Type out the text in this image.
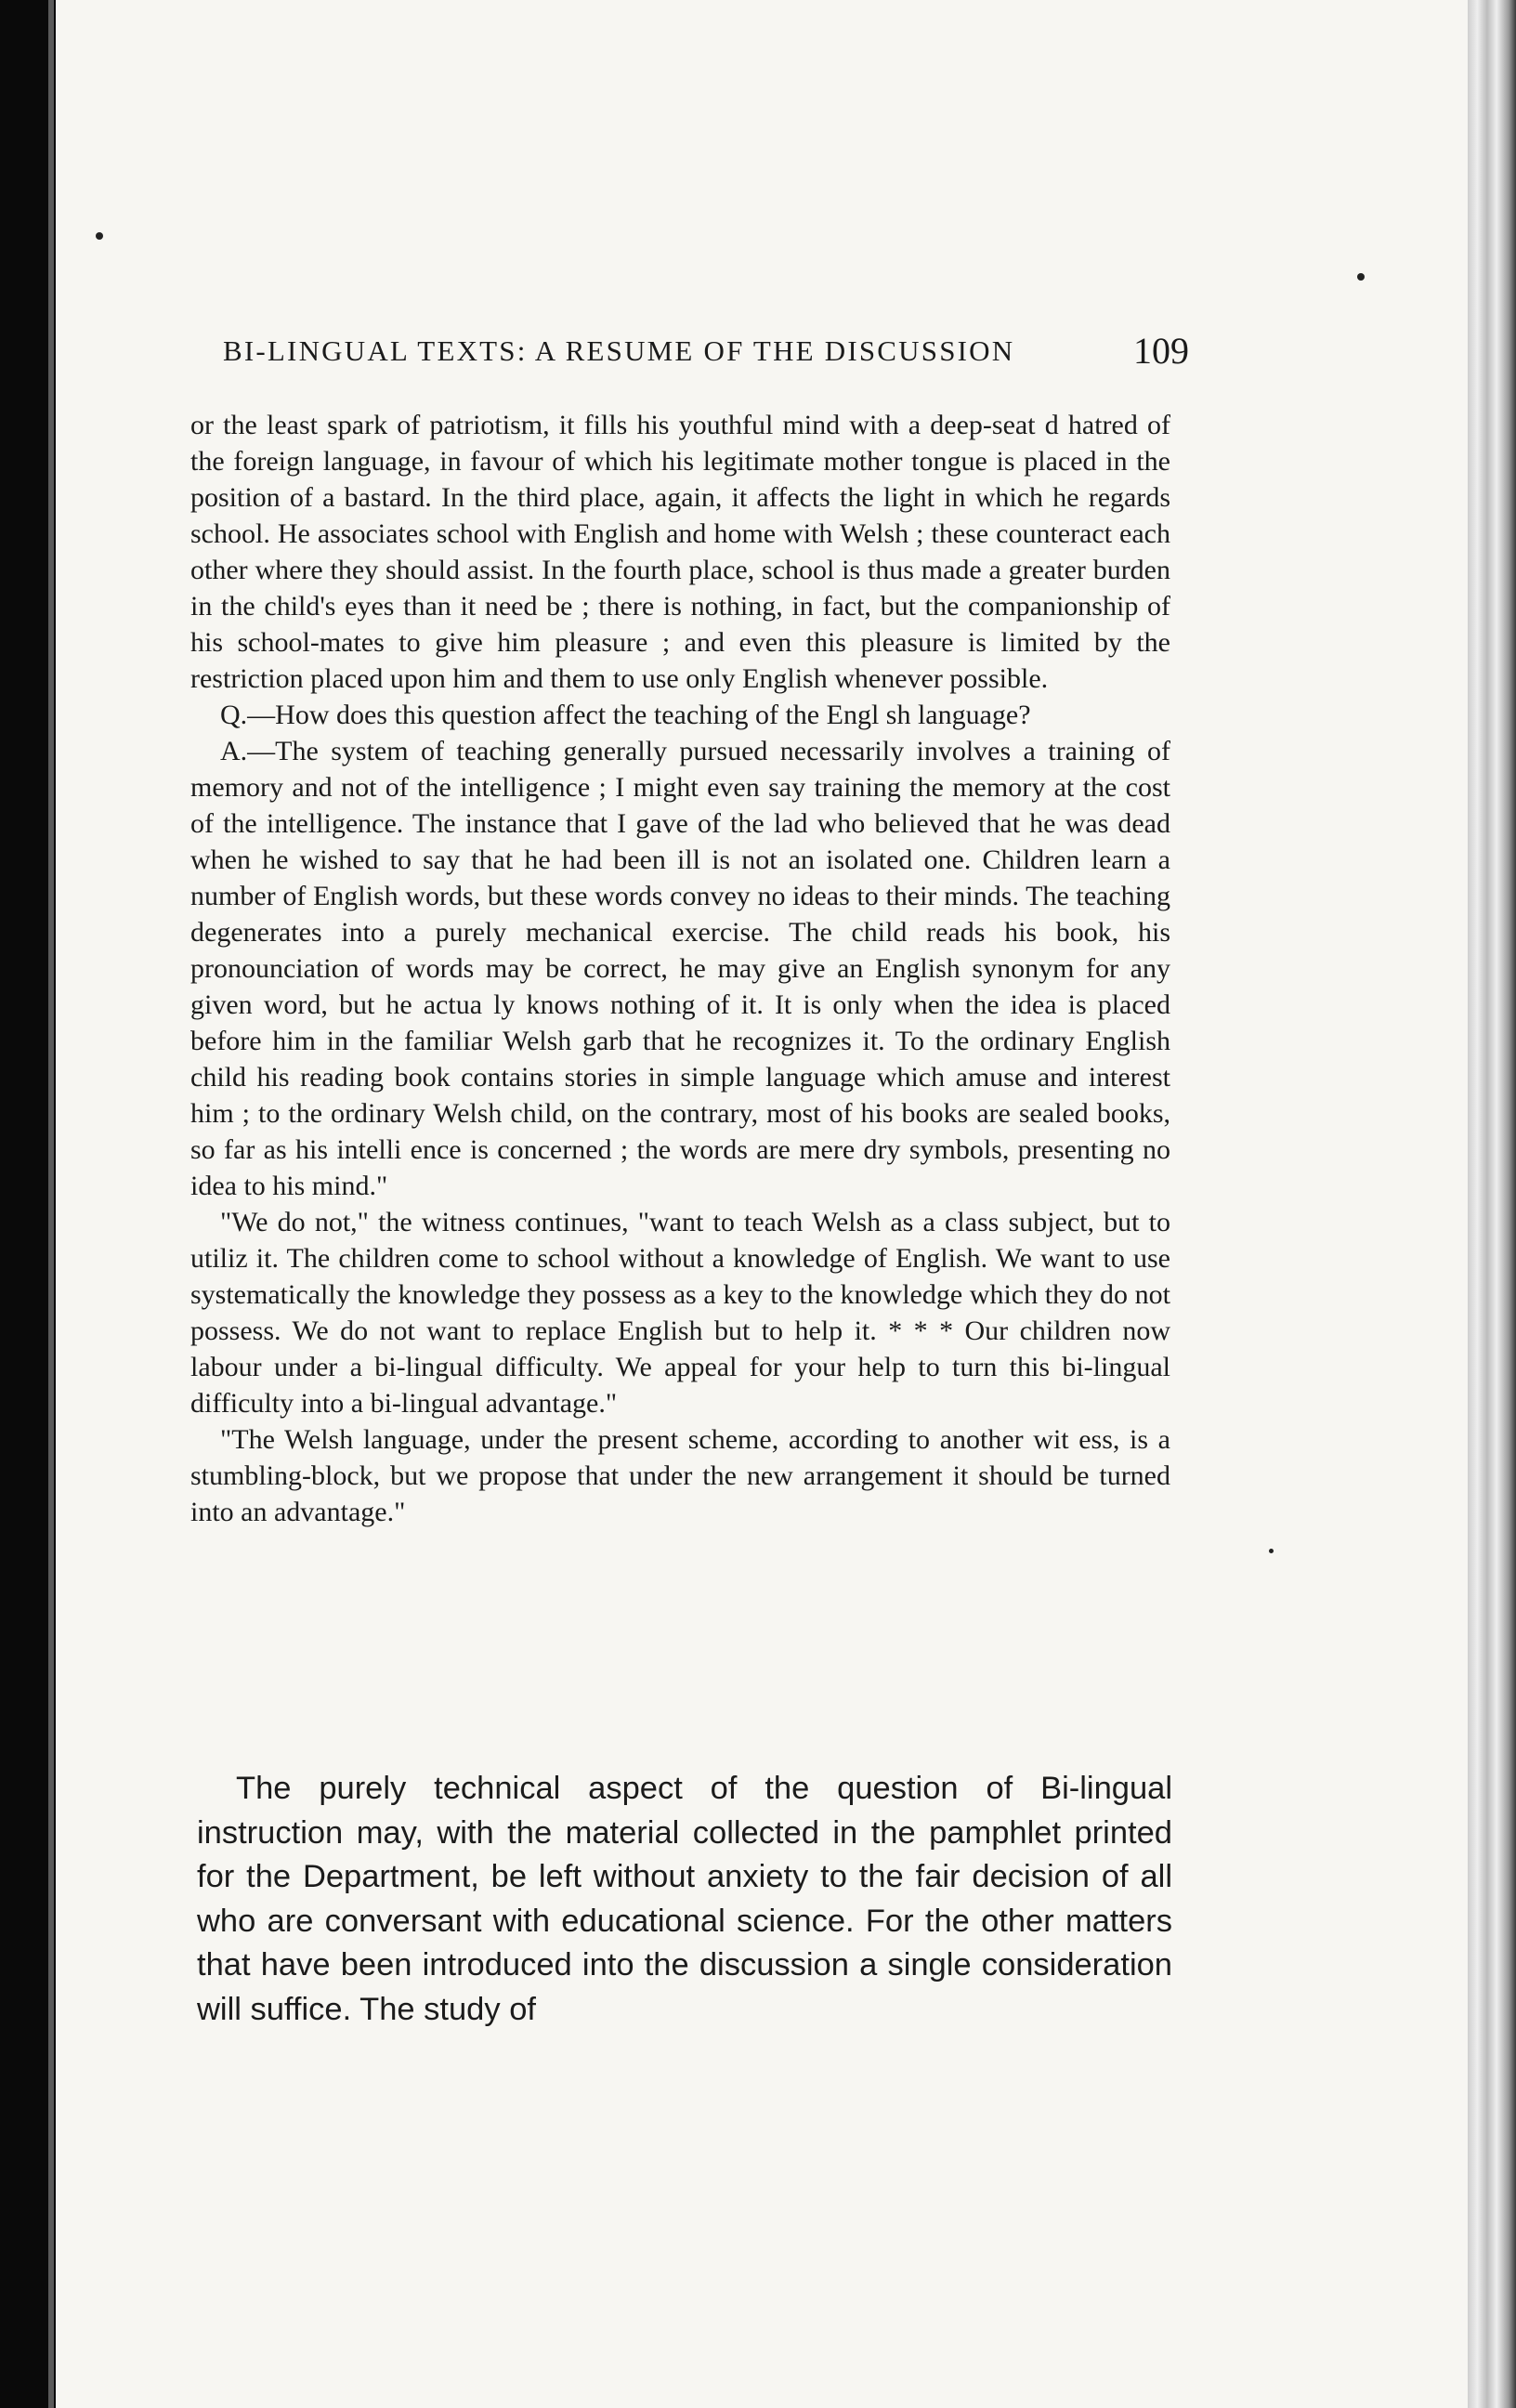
BI-LINGUAL TEXTS: A RESUME OF THE DISCUSSION	109

or the least spark of patriotism, it fills his youthful mind with a deep-seat d hatred of the foreign language, in favour of which his legitimate mother tongue is placed in the position of a bastard. In the third place, again, it affects the light in which he regards school. He associates school with English and home with Welsh ; these counteract each other where they should assist. In the fourth place, school is thus made a greater burden in the child's eyes than it need be ; there is nothing, in fact, but the companionship of his school-mates to give him pleasure ; and even this pleasure is limited by the restriction placed upon him and them to use only English whenever possible.

Q.—How does this question affect the teaching of the Engl sh language?

A.—The system of teaching generally pursued necessarily involves a training of memory and not of the intelligence ; I might even say training the memory at the cost of the intelligence. The instance that I gave of the lad who believed that he was dead when he wished to say that he had been ill is not an isolated one. Children learn a number of English words, but these words convey no ideas to their minds. The teaching degenerates into a purely mechanical exercise. The child reads his book, his pronounciation of words may be correct, he may give an English synonym for any given word, but he actua ly knows nothing of it. It is only when the idea is placed before him in the familiar Welsh garb that he recognizes it. To the ordinary English child his reading book contains stories in simple language which amuse and interest him ; to the ordinary Welsh child, on the contrary, most of his books are sealed books, so far as his intelli ence is concerned ; the words are mere dry symbols, presenting no idea to his mind."

"We do not," the witness continues, "want to teach Welsh as a class subject, but to utiliz it. The children come to school without a knowledge of English. We want to use systematically the knowledge they possess as a key to the knowledge which they do not possess. We do not want to replace English but to help it. * * * Our children now labour under a bi-lingual difficulty. We appeal for your help to turn this bi-lingual difficulty into a bi-lingual advantage."

"The Welsh language, under the present scheme, according to another wit ess, is a stumbling-block, but we propose that under the new arrangement it should be turned into an advantage."

The purely technical aspect of the question of Bi-lingual instruction may, with the material collected in the pamphlet printed for the Department, be left without anxiety to the fair decision of all who are conversant with educational science. For the other matters that have been introduced into the discussion a single consideration will suffice. The study of
